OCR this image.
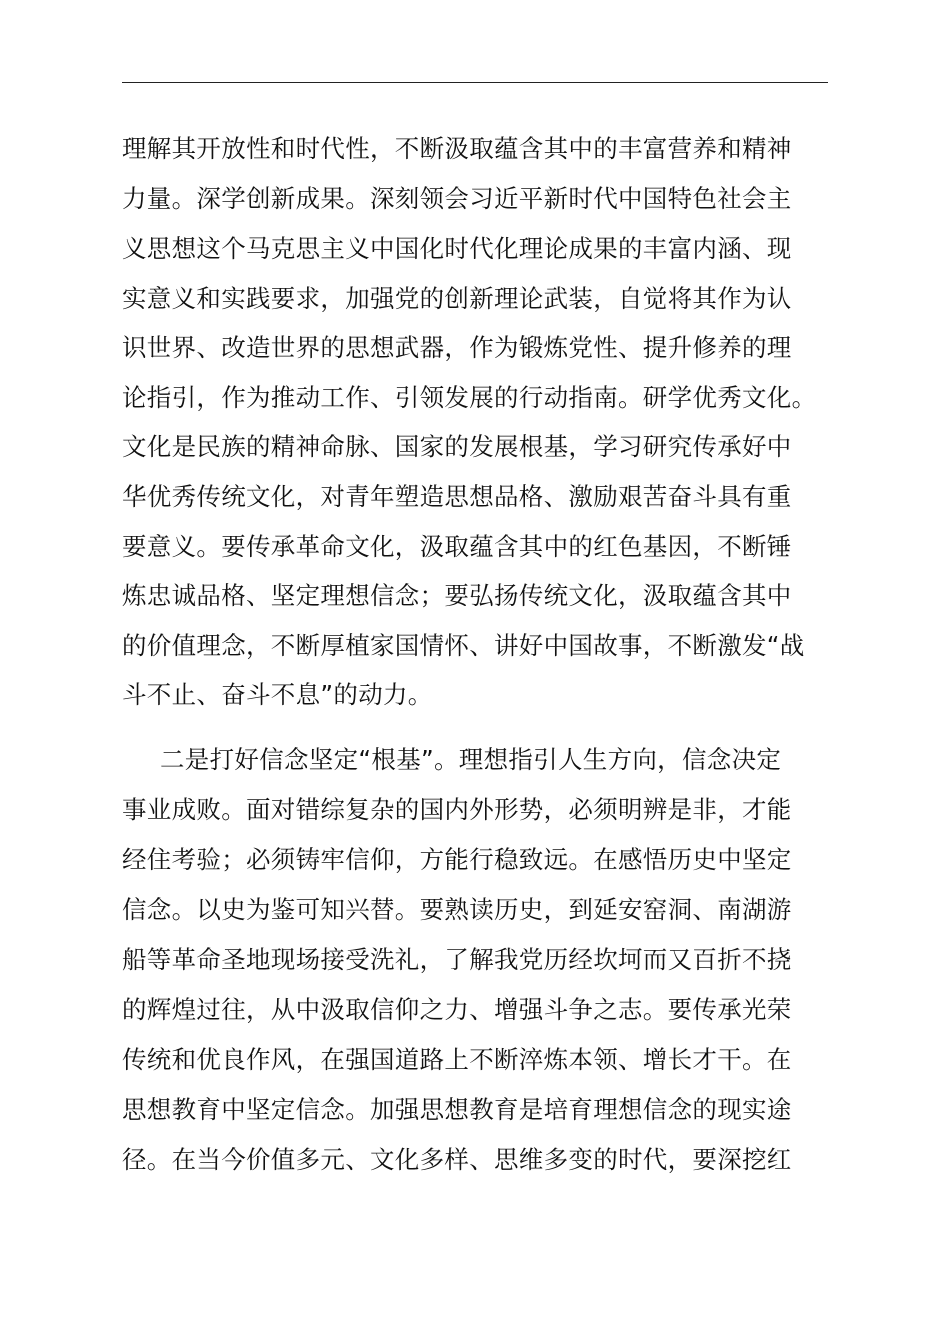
理解其开放性和时代性，不断汲取蕴含其中的丰富营养和精神
力量。深学创新成果。深刻领会习近平新时代中国特色社会主
义思想这个马克思主义中国化时代化理论成果的丰富内涵、现
实意义和实践要求，加强党的创新理论武装，自觉将其作为认
识世界、改造世界的思想武器，作为锻炼党性、提升修养的理
论指引，作为推动工作、引领发展的行动指南。研学优秀文化。
文化是民族的精神命脉、国家的发展根基，学习研究传承好中
华优秀传统文化，对青年塑造思想品格、激励艰苦奋斗具有重
要意义。要传承革命文化，汲取蕴含其中的红色基因，不断锤
炼忠诚品格、坚定理想信念；要弘扬传统文化，汲取蕴含其中
的价值理念，不断厚植家国情怀、讲好中国故事，不断激发“战
斗不止、奋斗不息”的动力。
二是打好信念坚定“根基”。理想指引人生方向，信念决定
事业成败。面对错综复杂的国内外形势，必须明辨是非，才能
经住考验；必须铸牢信仰，方能行稳致远。在感悟历史中坚定
信念。以史为鉴可知兴替。要熟读历史，到延安窑洞、南湖游
船等革命圣地现场接受洗礼，了解我党历经坎坷而又百折不挠
的辉煌过往，从中汲取信仰之力、增强斗争之志。要传承光荣
传统和优良作风，在强国道路上不断淬炼本领、增长才干。在
思想教育中坚定信念。加强思想教育是培育理想信念的现实途
径。在当今价值多元、文化多样、思维多变的时代，要深挖红
